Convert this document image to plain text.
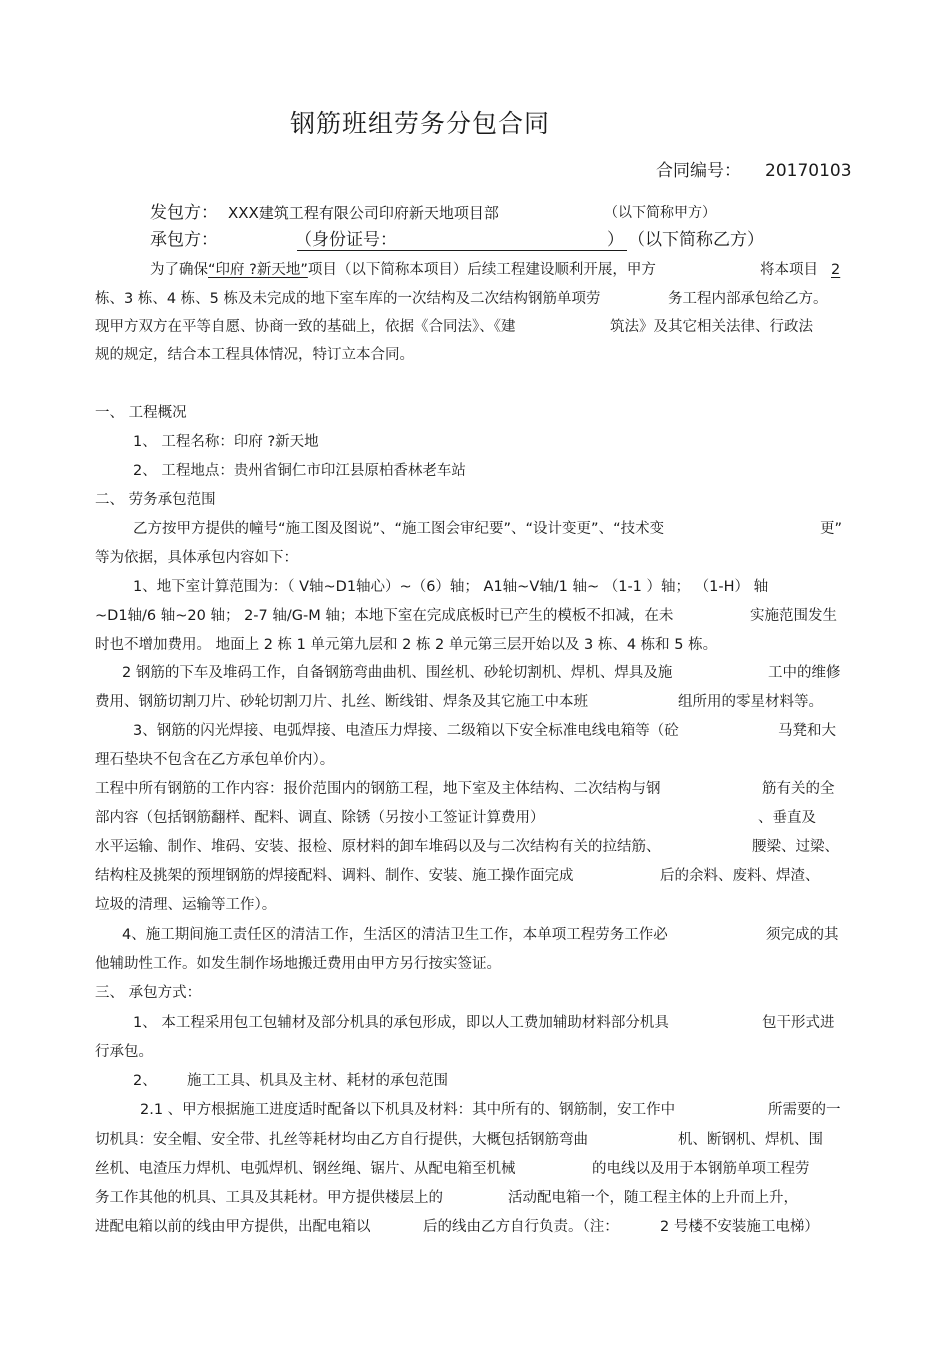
钢筋班组劳务分包合同
合同编号： 20170103
发包方： XXX建筑工程有限公司印府新天地项目部	（以下简称甲方）
承包方：	（身份证号：	） （以下简称乙方）
为了确保“印府 ?新天地”项目（以下简称本项目）后续工程建设顺利开展，甲方	将本项目 2
栋、3 栋、4 栋、5 栋及未完成的地下室车库的一次结构及二次结构钢筋单项劳	务工程内部承包给乙方。
现甲方双方在平等自愿、协商一致的基础上，依据《合同法》、《建	筑法》及其它相关法律、行政法
规的规定，结合本工程具体情况，特订立本合同。
一、 工程概况
1、 工程名称：印府 ?新天地
2、 工程地点：贵州省铜仁市印江县原柏香林老车站
二、 劳务承包范围
乙方按甲方提供的幢号“施工图及图说”、“施工图会审纪要”、“设计变更”、“技术变	更”
等为依据，具体承包内容如下：
1、地下室计算范围为：（ V轴~D1轴心）~（6）轴； A1轴~V轴/1 轴~ （1-1 ）轴； （1-H） 轴
~D1轴/6 轴~20 轴； 2-7 轴/G-M 轴；本地下室在完成底板时已产生的模板不扣减，在未	实施范围发生
时也不增加费用。 地面上 2 栋 1 单元第九层和 2 栋 2 单元第三层开始以及 3 栋、4 栋和 5 栋。
2 钢筋的下车及堆码工作，自备钢筋弯曲曲机、围丝机、砂轮切割机、焊机、焊具及施	工中的维修
费用、钢筋切割刀片、砂轮切割刀片、扎丝、断线钳、焊条及其它施工中本班	组所用的零星材料等。
3、钢筋的闪光焊接、电弧焊接、电渣压力焊接、二级箱以下安全标准电线电箱等（砼	马凳和大
理石垫块不包含在乙方承包单价内）。
工程中所有钢筋的工作内容：报价范围内的钢筋工程，地下室及主体结构、二次结构与钢	筋有关的全
部内容（包括钢筋翻样、配料、调直、除锈（另按小工签证计算费用）	、垂直及
水平运输、制作、堆码、安装、报检、原材料的卸车堆码以及与二次结构有关的拉结筋、	腰梁、过梁、
结构柱及挑架的预埋钢筋的焊接配料、调料、制作、安装、施工操作面完成	后的余料、废料、焊渣、
垃圾的清理、运输等工作）。
4、施工期间施工责任区的清洁工作，生活区的清洁卫生工作，本单项工程劳务工作必	须完成的其
他辅助性工作。如发生制作场地搬迁费用由甲方另行按实签证。
三、 承包方式：
1、 本工程采用包工包辅材及部分机具的承包形成，即以人工费加辅助材料部分机具	包干形式进
行承包。
2、 施工工具、机具及主材、耗材的承包范围
2.1 、甲方根据施工进度适时配备以下机具及材料：其中所有的、钢筋制，安工作中	所需要的一
切机具：安全帽、安全带、扎丝等耗材均由乙方自行提供，大概包括钢筋弯曲	机、断钢机、焊机、围
丝机、电渣压力焊机、电弧焊机、钢丝绳、锯片、从配电箱至机械	的电线以及用于本钢筋单项工程劳
务工作其他的机具、工具及其耗材。甲方提供楼层上的	活动配电箱一个，随工程主体的上升而上升，
进配电箱以前的线由甲方提供，出配电箱以	后的线由乙方自行负责。（注：	2 号楼不安装施工电梯）
